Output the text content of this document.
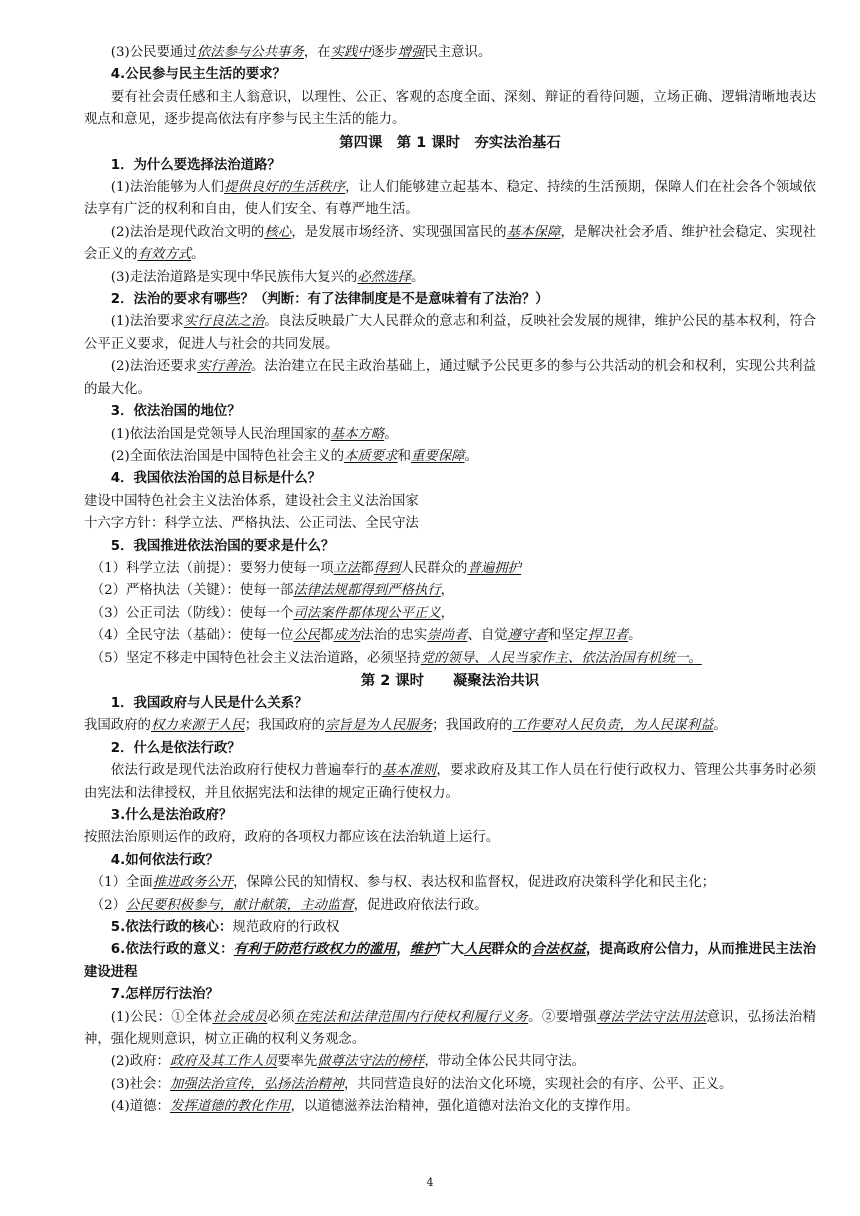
(3)公民要通过依法参与公共事务，在实践中逐步增强民主意识。

4.公民参与民主生活的要求？

要有社会责任感和主人翁意识，以理性、公正、客观的态度全面、深刻、辩证的看待问题，立场正确、逻辑清晰地表达观点和意见，逐步提高依法有序参与民主生活的能力。

第四课　第 1 课时　夯实法治基石

1．为什么要选择法治道路？

(1)法治能够为人们提供良好的生活秩序，让人们能够建立起基本、稳定、持续的生活预期，保障人们在社会各个领域依法享有广泛的权利和自由，使人们安全、有尊严地生活。

(2)法治是现代政治文明的核心，是发展市场经济、实现强国富民的基本保障，是解决社会矛盾、维护社会稳定、实现社会正义的有效方式。

(3)走法治道路是实现中华民族伟大复兴的必然选择。

2．法治的要求有哪些？（判断：有了法律制度是不是意味着有了法治？）

(1)法治要求实行良法之治。良法反映最广大人民群众的意志和利益，反映社会发展的规律，维护公民的基本权利，符合公平正义要求，促进人与社会的共同发展。

(2)法治还要求实行善治。法治建立在民主政治基础上，通过赋予公民更多的参与公共活动的机会和权利，实现公共利益的最大化。

3．依法治国的地位？

(1)依法治国是党领导人民治理国家的基本方略。

(2)全面依法治国是中国特色社会主义的本质要求和重要保障。

4．我国依法治国的总目标是什么？

建设中国特色社会主义法治体系，建设社会主义法治国家

十六字方针：科学立法、严格执法、公正司法、全民守法

5．我国推进依法治国的要求是什么？

（1）科学立法（前提）：要努力使每一项立法都得到人民群众的普遍拥护

（2）严格执法（关键）：使每一部法律法规都得到严格执行，

（3）公正司法（防线）：使每一个司法案件都体现公平正义，

（4）全民守法（基础）：使每一位公民都成为法治的忠实崇尚者、自觉遵守者和坚定捍卫者。

（5）坚定不移走中国特色社会主义法治道路，必须坚持党的领导、人民当家作主、依法治国有机统一。

第 2 课时　　凝聚法治共识

1．我国政府与人民是什么关系？

我国政府的权力来源于人民；我国政府的宗旨是为人民服务；我国政府的工作要对人民负责，为人民谋利益。

2．什么是依法行政？

依法行政是现代法治政府行使权力普遍奉行的基本准则，要求政府及其工作人员在行使行政权力、管理公共事务时必须由宪法和法律授权，并且依据宪法和法律的规定正确行使权力。

3.什么是法治政府？

按照法治原则运作的政府，政府的各项权力都应该在法治轨道上运行。

4.如何依法行政？

（1）全面推进政务公开，保障公民的知情权、参与权、表达权和监督权，促进政府决策科学化和民主化；

（2）公民要积极参与，献计献策，主动监督，促进政府依法行政。

5.依法行政的核心：规范政府的行政权

6.依法行政的意义：有利于防范行政权力的滥用，维护广大人民群众的合法权益，提高政府公信力，从而推进民主法治建设进程

7.怎样厉行法治？

(1)公民：①全体社会成员必须在宪法和法律范围内行使权利履行义务。②要增强尊法学法守法用法意识，弘扬法治精神，强化规则意识，树立正确的权利义务观念。

(2)政府：政府及其工作人员要率先做尊法守法的榜样，带动全体公民共同守法。

(3)社会：加强法治宣传，弘扬法治精神，共同营造良好的法治文化环境，实现社会的有序、公平、正义。

(4)道德：发挥道德的教化作用，以道德滋养法治精神，强化道德对法治文化的支撑作用。

4
